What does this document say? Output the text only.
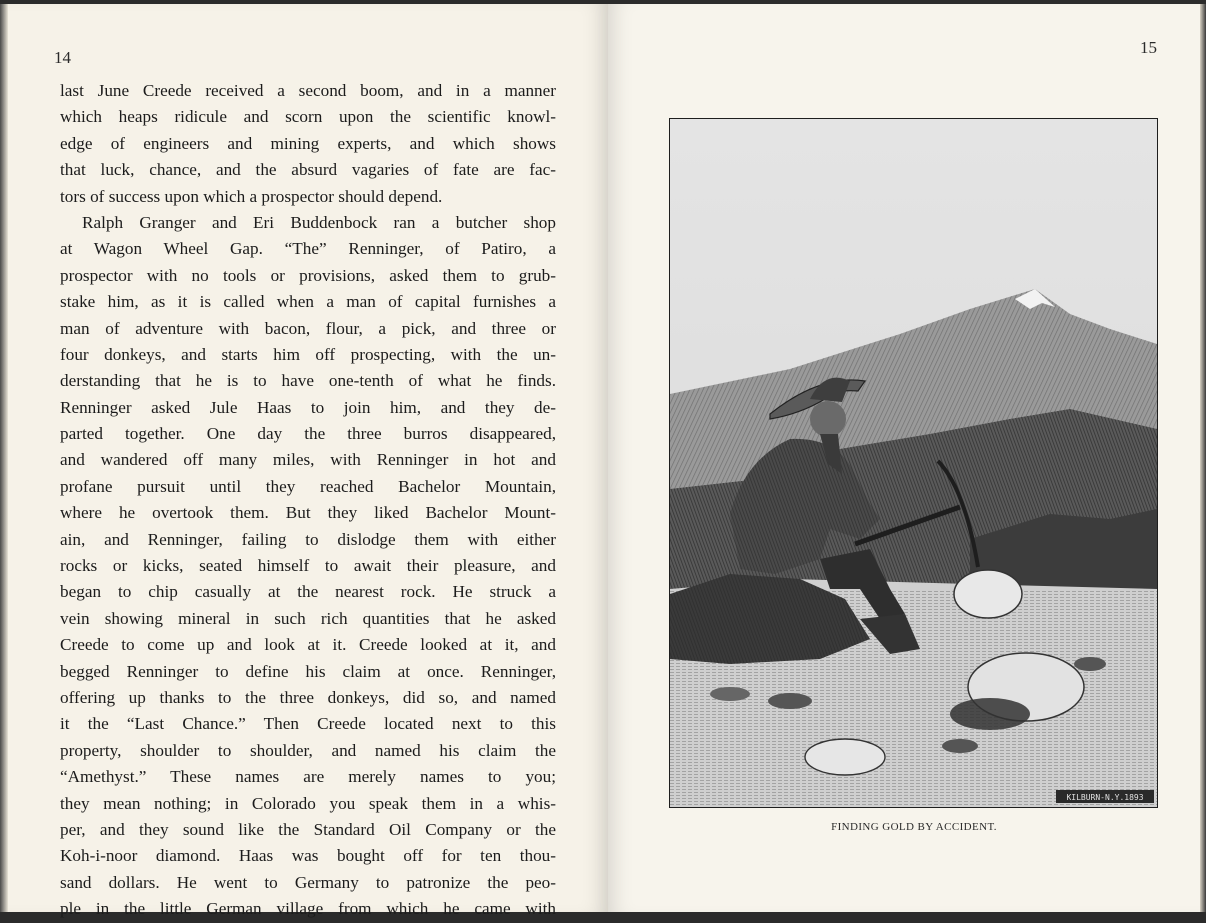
14
last June Creede received a second boom, and in a manner
which heaps ridicule and scorn upon the scientific knowl-
edge of engineers and mining experts, and which shows
that luck, chance, and the absurd vagaries of fate are fac-
tors of success upon which a prospector should depend.
Ralph Granger and Eri Buddenbock ran a butcher shop
at Wagon Wheel Gap. “The” Renninger, of Patiro, a
prospector with no tools or provisions, asked them to grub-
stake him, as it is called when a man of capital furnishes a
man of adventure with bacon, flour, a pick, and three or
four donkeys, and starts him off prospecting, with the un-
derstanding that he is to have one-tenth of what he finds.
Renninger asked Jule Haas to join him, and they de-
parted together. One day the three burros disappeared,
and wandered off many miles, with Renninger in hot and
profane pursuit until they reached Bachelor Mountain,
where he overtook them. But they liked Bachelor Mount-
ain, and Renninger, failing to dislodge them with either
rocks or kicks, seated himself to await their pleasure, and
began to chip casually at the nearest rock. He struck a
vein showing mineral in such rich quantities that he asked
Creede to come up and look at it. Creede looked at it, and
begged Renninger to define his claim at once. Renninger,
offering up thanks to the three donkeys, did so, and named
it the “Last Chance.” Then Creede located next to this
property, shoulder to shoulder, and named his claim the
“Amethyst.” These names are merely names to you;
they mean nothing; in Colorado you speak them in a whis-
per, and they sound like the Standard Oil Company or the
Koh-i-noor diamond. Haas was bought off for ten thou-
sand dollars. He went to Germany to patronize the peo-
ple in the little German village from which he came with
15
KILBURN-N.Y.1893
FINDING GOLD BY ACCIDENT.
